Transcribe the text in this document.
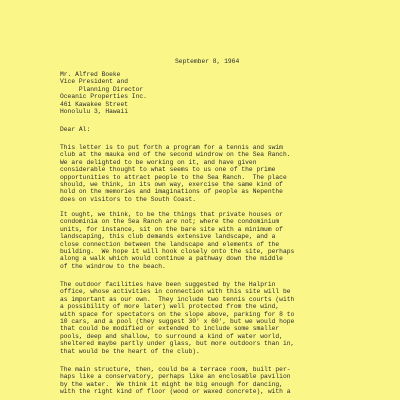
September 8, 1964
Mr. Alfred Boeke
Vice President and
Planning Director
Oceanic Properties Inc.
461 Kawakee Street
Honolulu 3, Hawaii
Dear Al:
This letter is to put forth a program for a tennis and swim
club at the mauka end of the second windrow on the Sea Ranch.
We are delighted to be working on it, and have given
considerable thought to what seems to us one of the prime
opportunities to attract people to the Sea Ranch.  The place
should, we think, in its own way, exercise the same kind of
hold on the memories and imaginations of people as Nepenthe
does on visitors to the South Coast.
It ought, we think, to be the things that private houses or
condominia on the Sea Ranch are not; where the condominium
units, for instance, sit on the bare site with a minimum of
landscaping, this club demands extensive landscape, and a
close connection between the landscape and elements of the
building.  We hope it will hook closely onto the site, perhaps
along a walk which would continue a pathway down the middle
of the windrow to the beach.
The outdoor facilities have been suggested by the Halprin
office, whose activities in connection with this site will be
as important as our own.  They include two tennis courts (with
a possibility of more later) well protected from the wind,
with space for spectators on the slope above, parking for 8 to
10 cars, and a pool (they suggest 30' x 60', but we would hope
that could be modified or extended to include some smaller
pools, deep and shallow, to surround a kind of water world,
sheltered maybe partly under glass, but more outdoors than in,
that would be the heart of the club).
The main structure, then, could be a terrace room, built per-
haps like a conservatory, perhaps like an enclosable pavilion
by the water.  We think it might be big enough for dancing,
with the right kind of floor (wood or waxed concrete), with a
